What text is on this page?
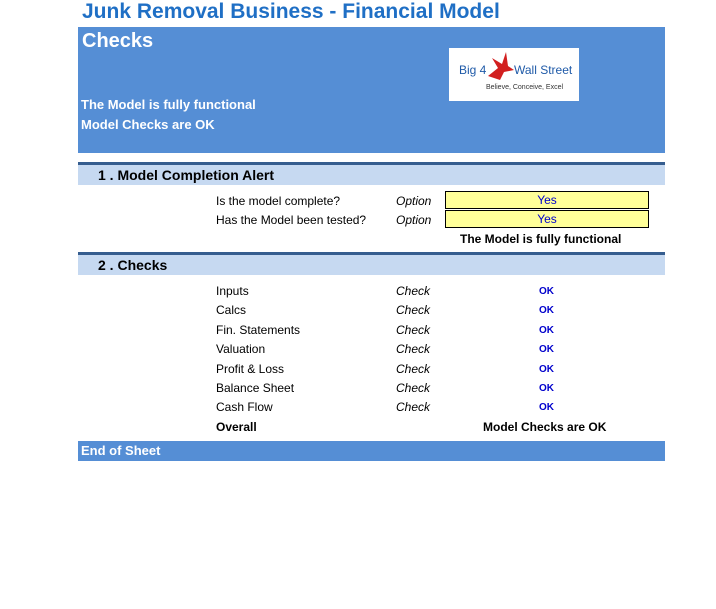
Junk Removal Business - Financial Model
Checks
Big 4 Wall Street
Believe, Conceive, Excel
The Model is fully functional
Model Checks are OK
1 . Model Completion Alert
Is the model complete?	Option	Yes
Has the Model been tested? Option	Yes
The Model is fully functional
2 . Checks
Inputs	Check	OK
Calcs	Check	OK
Fin. Statements	Check	OK
Valuation	Check	OK
Profit & Loss	Check	OK
Balance Sheet	Check	OK
Cash Flow	Check	OK
Overall	Model Checks are OK
End of Sheet
